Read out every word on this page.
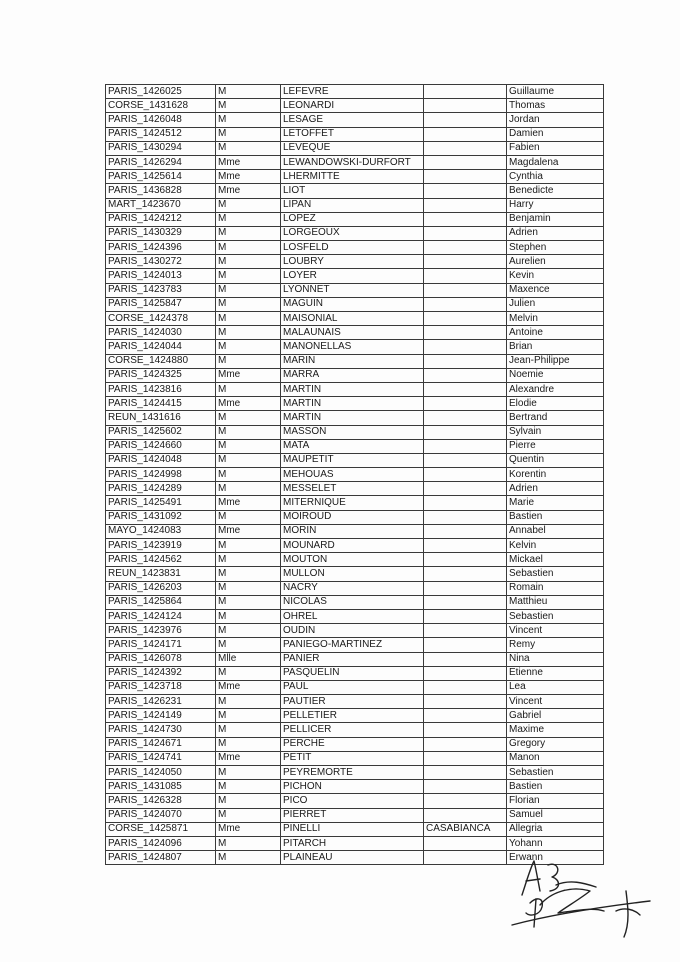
PARIS_1426025	M	LEFEVRE		Guillaume
CORSE_1431628	M	LEONARDI		Thomas
PARIS_1426048	M	LESAGE		Jordan
PARIS_1424512	M	LETOFFET		Damien
PARIS_1430294	M	LEVEQUE		Fabien
PARIS_1426294	Mme	LEWANDOWSKI-DURFORT		Magdalena
PARIS_1425614	Mme	LHERMITTE		Cynthia
PARIS_1436828	Mme	LIOT		Benedicte
MART_1423670	M	LIPAN		Harry
PARIS_1424212	M	LOPEZ		Benjamin
PARIS_1430329	M	LORGEOUX		Adrien
PARIS_1424396	M	LOSFELD		Stephen
PARIS_1430272	M	LOUBRY		Aurelien
PARIS_1424013	M	LOYER		Kevin
PARIS_1423783	M	LYONNET		Maxence
PARIS_1425847	M	MAGUIN		Julien
CORSE_1424378	M	MAISONIAL		Melvin
PARIS_1424030	M	MALAUNAIS		Antoine
PARIS_1424044	M	MANONELLAS		Brian
CORSE_1424880	M	MARIN		Jean-Philippe
PARIS_1424325	Mme	MARRA		Noemie
PARIS_1423816	M	MARTIN		Alexandre
PARIS_1424415	Mme	MARTIN		Elodie
REUN_1431616	M	MARTIN		Bertrand
PARIS_1425602	M	MASSON		Sylvain
PARIS_1424660	M	MATA		Pierre
PARIS_1424048	M	MAUPETIT		Quentin
PARIS_1424998	M	MEHOUAS		Korentin
PARIS_1424289	M	MESSELET		Adrien
PARIS_1425491	Mme	MITERNIQUE		Marie
PARIS_1431092	M	MOIROUD		Bastien
MAYO_1424083	Mme	MORIN		Annabel
PARIS_1423919	M	MOUNARD		Kelvin
PARIS_1424562	M	MOUTON		Mickael
REUN_1423831	M	MULLON		Sebastien
PARIS_1426203	M	NACRY		Romain
PARIS_1425864	M	NICOLAS		Matthieu
PARIS_1424124	M	OHREL		Sebastien
PARIS_1423976	M	OUDIN		Vincent
PARIS_1424171	M	PANIEGO-MARTINEZ		Remy
PARIS_1426078	Mlle	PANIER		Nina
PARIS_1424392	M	PASQUELIN		Etienne
PARIS_1423718	Mme	PAUL		Lea
PARIS_1426231	M	PAUTIER		Vincent
PARIS_1424149	M	PELLETIER		Gabriel
PARIS_1424730	M	PELLICER		Maxime
PARIS_1424671	M	PERCHE		Gregory
PARIS_1424741	Mme	PETIT		Manon
PARIS_1424050	M	PEYREMORTE		Sebastien
PARIS_1431085	M	PICHON		Bastien
PARIS_1426328	M	PICO		Florian
PARIS_1424070	M	PIERRET		Samuel
CORSE_1425871	Mme	PINELLI	CASABIANCA	Allegria
PARIS_1424096	M	PITARCH		Yohann
PARIS_1424807	M	PLAINEAU		Erwann
